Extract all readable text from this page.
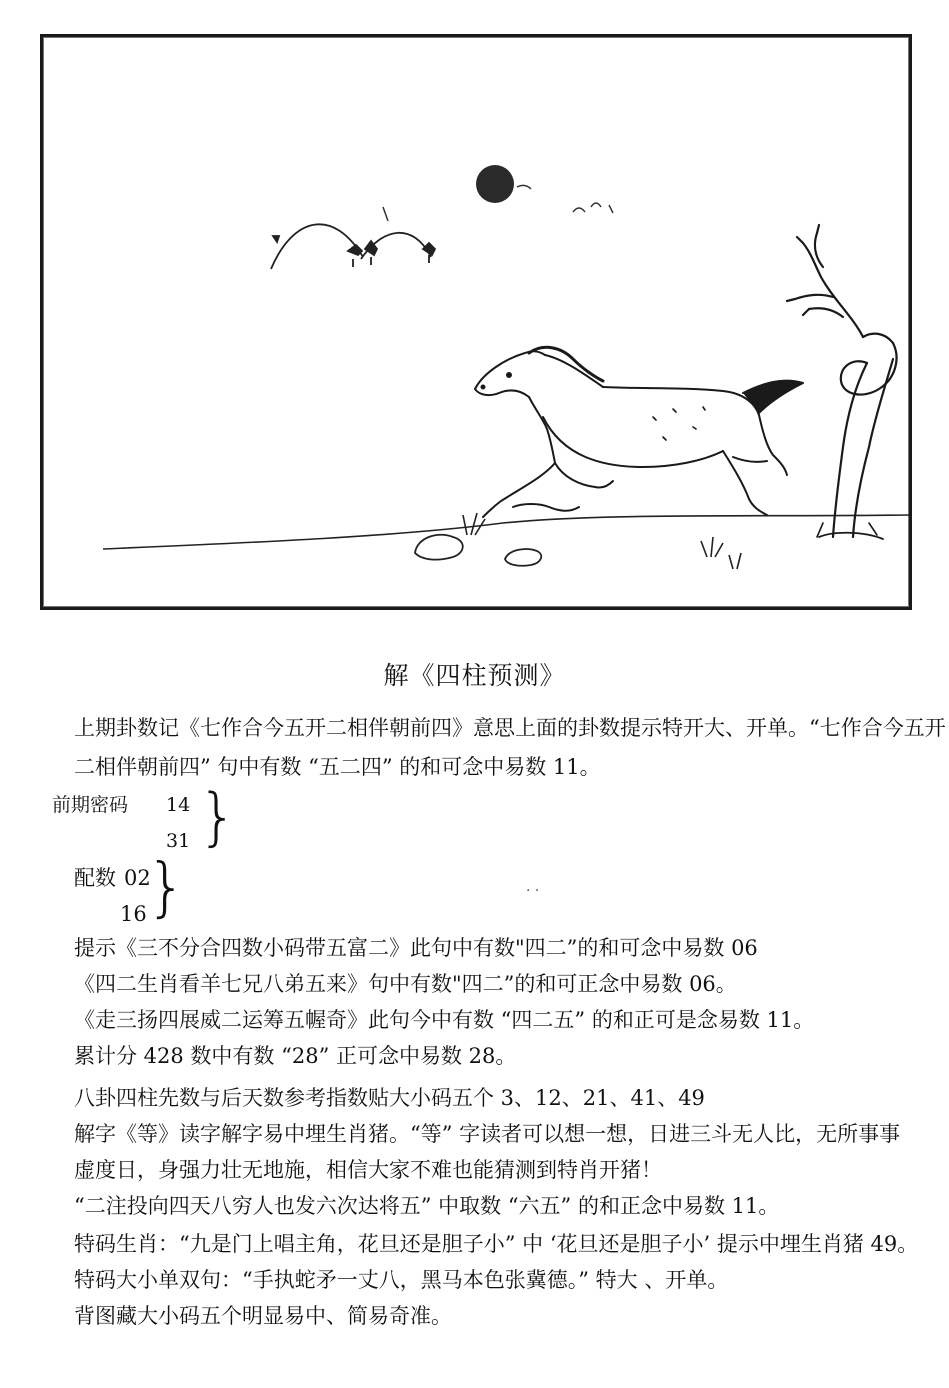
解《四柱预测》
上期卦数记《七作合今五开二相伴朝前四》意思上面的卦数提示特开大、开单。“七作合今五开
二相伴朝前四” 句中有数 “五二四” 的和可念中易数 11。
前期密码 14
31 }
配数 02
16 }	· ·
提示《三不分合四数小码带五富二》此句中有数"四二”的和可念中易数 06
《四二生肖看羊七兄八弟五来》句中有数"四二”的和可正念中易数 06。
《走三扬四展威二运筹五幄奇》此句今中有数 “四二五” 的和正可是念易数 11。
累计分 428 数中有数 “28” 正可念中易数 28。
八卦四柱先数与后天数参考指数贴大小码五个 3、12、21、41、49
解字《等》读字解字易中埋生肖猪。“等” 字读者可以想一想，日进三斗无人比，无所事事
虚度日，身强力壮无地施，相信大家不难也能猜测到特肖开猪！
“二注投向四天八穷人也发六次达将五” 中取数 “六五” 的和正念中易数 11。
特码生肖：“九是门上唱主角，花旦还是胆子小” 中 ‘花旦还是胆子小’ 提示中埋生肖猪 49。
特码大小单双句：“手执蛇矛一丈八，黑马本色张冀德。” 特大 、开单。
背图藏大小码五个明显易中、简易奇准。
